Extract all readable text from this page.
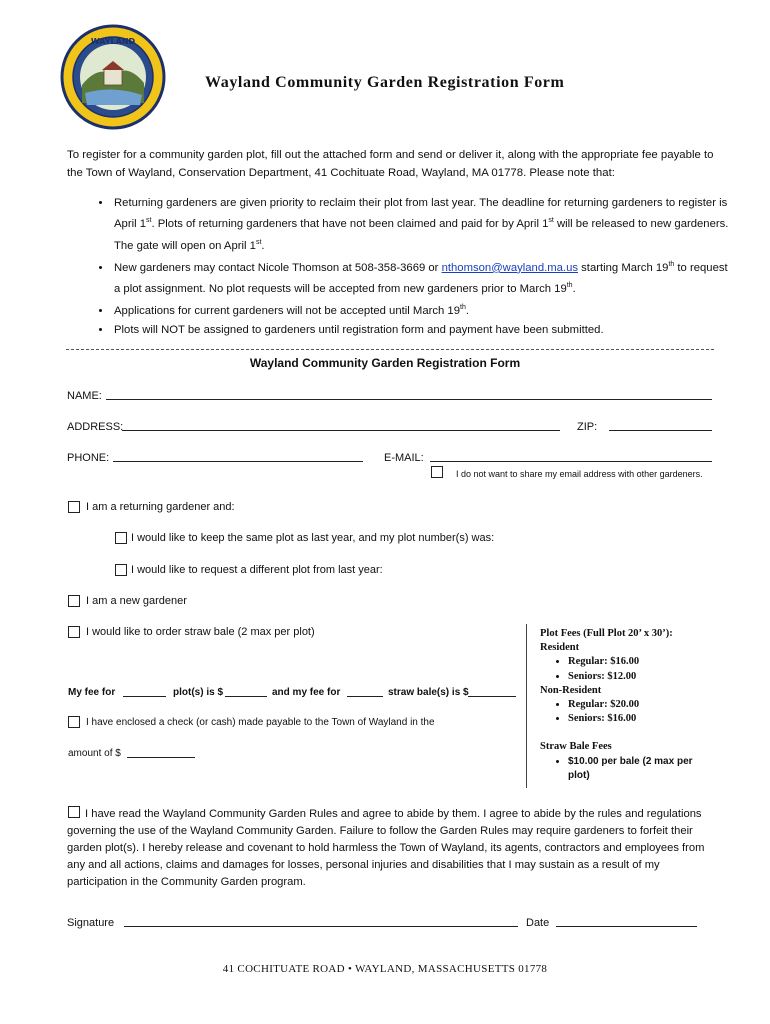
WAYLAND
Wayland Community Garden Registration Form
To register for a community garden plot, fill out the attached form and send or deliver it, along with the appropriate fee payable to the Town of Wayland, Conservation Department, 41 Cochituate Road, Wayland, MA 01778. Please note that:
• Returning gardeners are given priority to reclaim their plot from last year. The deadline for returning gardeners to register is April 1st. Plots of returning gardeners that have not been claimed and paid for by April 1st will be released to new gardeners. The gate will open on April 1st.
• New gardeners may contact Nicole Thomson at 508-358-3669 or nthomson@wayland.ma.us starting March 19th to request a plot assignment. No plot requests will be accepted from new gardeners prior to March 19th.
• Applications for current gardeners will not be accepted until March 19th.
• Plots will NOT be assigned to gardeners until registration form and payment have been submitted.
Wayland Community Garden Registration Form
NAME:
ADDRESS:	ZIP:
PHONE:	E-MAIL:
I do not want to share my email address with other gardeners.
I am a returning gardener and:
I would like to keep the same plot as last year, and my plot number(s) was:
I would like to request a different plot from last year:
I am a new gardener
I would like to order straw bale (2 max per plot)
My fee for	plot(s) is $	and my fee for	straw bale(s) is $
I have enclosed a check (or cash) made payable to the Town of Wayland in the
amount of $
Plot Fees (Full Plot 20’ x 30’):
Resident
• Regular: $16.00
• Seniors: $12.00
Non-Resident
• Regular: $20.00
• Seniors: $16.00
Straw Bale Fees
• $10.00 per bale (2 max per plot)
I have read the Wayland Community Garden Rules and agree to abide by them. I agree to abide by the rules and regulations governing the use of the Wayland Community Garden. Failure to follow the Garden Rules may require gardeners to forfeit their garden plot(s). I hereby release and covenant to hold harmless the Town of Wayland, its agents, contractors and employees from any and all actions, claims and damages for losses, personal injuries and disabilities that I may sustain as a result of my participation in the Community Garden program.
Signature	Date
41 COCHITUATE ROAD • WAYLAND, MASSACHUSETTS 01778
